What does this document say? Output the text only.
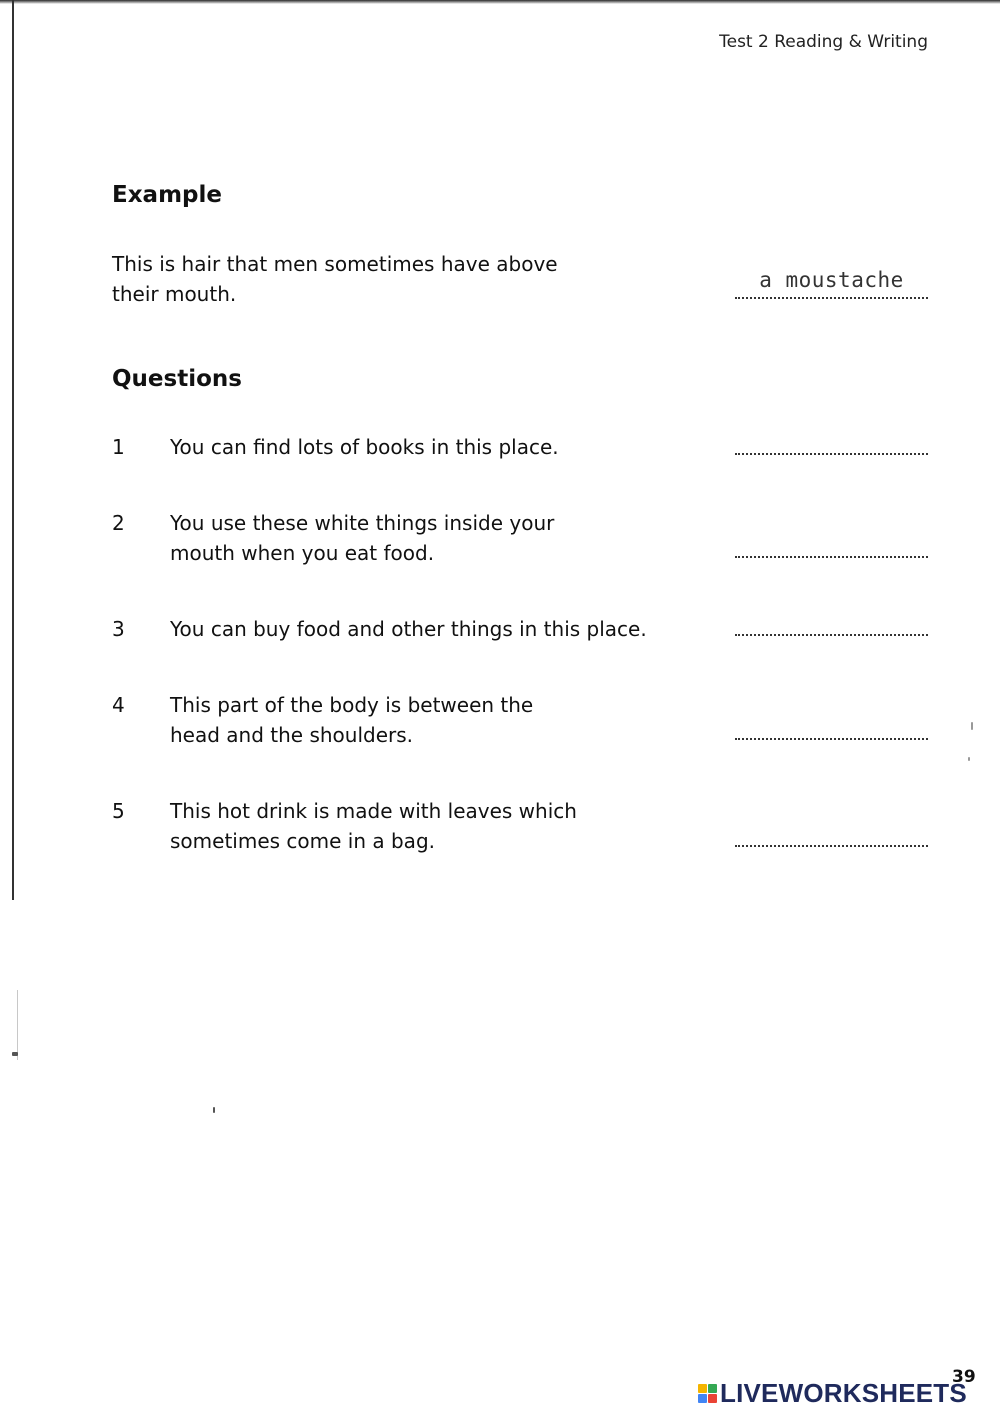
Test 2 Reading & Writing
Example
This is hair that men sometimes have above
their mouth.
a moustache
Questions
1 You can find lots of books in this place.
2 You use these white things inside your
mouth when you eat food.
3 You can buy food and other things in this place.
4 This part of the body is between the
head and the shoulders.
5 This hot drink is made with leaves which
sometimes come in a bag.
39
LIVEWORKSHEETS
